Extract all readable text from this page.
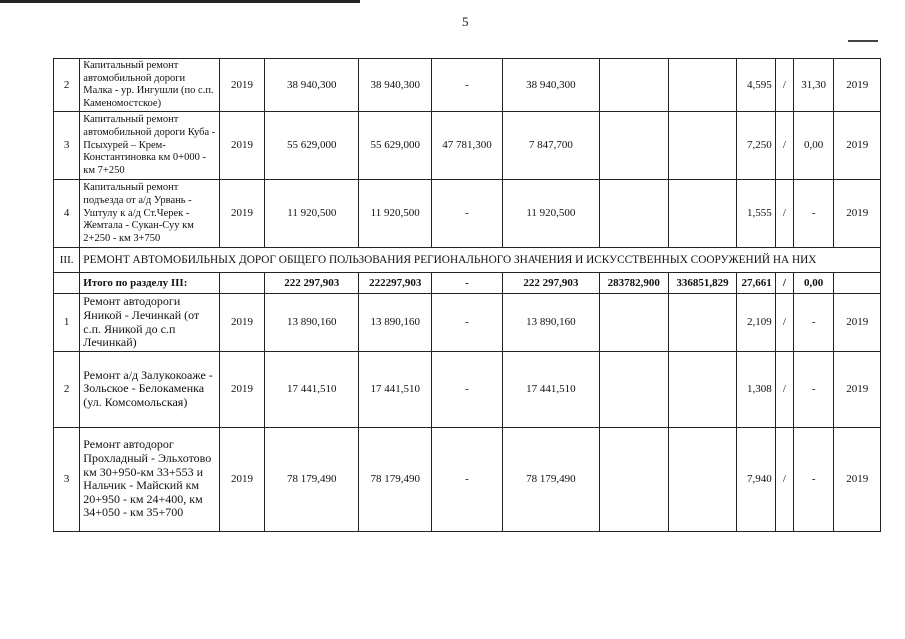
5
2	Капитальный ремонт автомобильной дороги Малка - ур. Ингушли (по с.п. Каменомостское)	2019	38 940,300	38 940,300	-	38 940,300			4,595	/	31,30	2019
3	Капитальный ремонт автомобильной дороги Куба - Псыхурей – Крем-Константиновка км 0+000 - км 7+250	2019	55 629,000	55 629,000	47 781,300	7 847,700			7,250	/	0,00	2019
4	Капитальный ремонт подъезда от а/д Урвань - Уштулу к а/д Ст.Черек - Жемтала - Сукан-Суу км 2+250 - км 3+750	2019	11 920,500	11 920,500	-	11 920,500			1,555	/	-	2019
III.	РЕМОНТ АВТОМОБИЛЬНЫХ ДОРОГ ОБЩЕГО ПОЛЬЗОВАНИЯ РЕГИОНАЛЬНОГО ЗНАЧЕНИЯ И ИСКУССТВЕННЫХ СООРУЖЕНИЙ НА НИХ											
	Итого по разделу III:		222 297,903	222297,903	-	222 297,903	283782,900	336851,829	27,661	/	0,00	
1	Ремонт автодороги Яникой - Лечинкай (от с.п. Яникой до с.п Лечинкай)	2019	13 890,160	13 890,160	-	13 890,160			2,109	/	-	2019
2	Ремонт а/д Залукокоаже - Зольское - Белокаменка (ул. Комсомольская)	2019	17 441,510	17 441,510	-	17 441,510			1,308	/	-	2019
3	Ремонт автодорог Прохладный - Эльхотово км 30+950-км 33+553 и Нальчик - Майский км 20+950 - км 24+400, км 34+050 - км 35+700	2019	78 179,490	78 179,490	-	78 179,490			7,940	/	-	2019
